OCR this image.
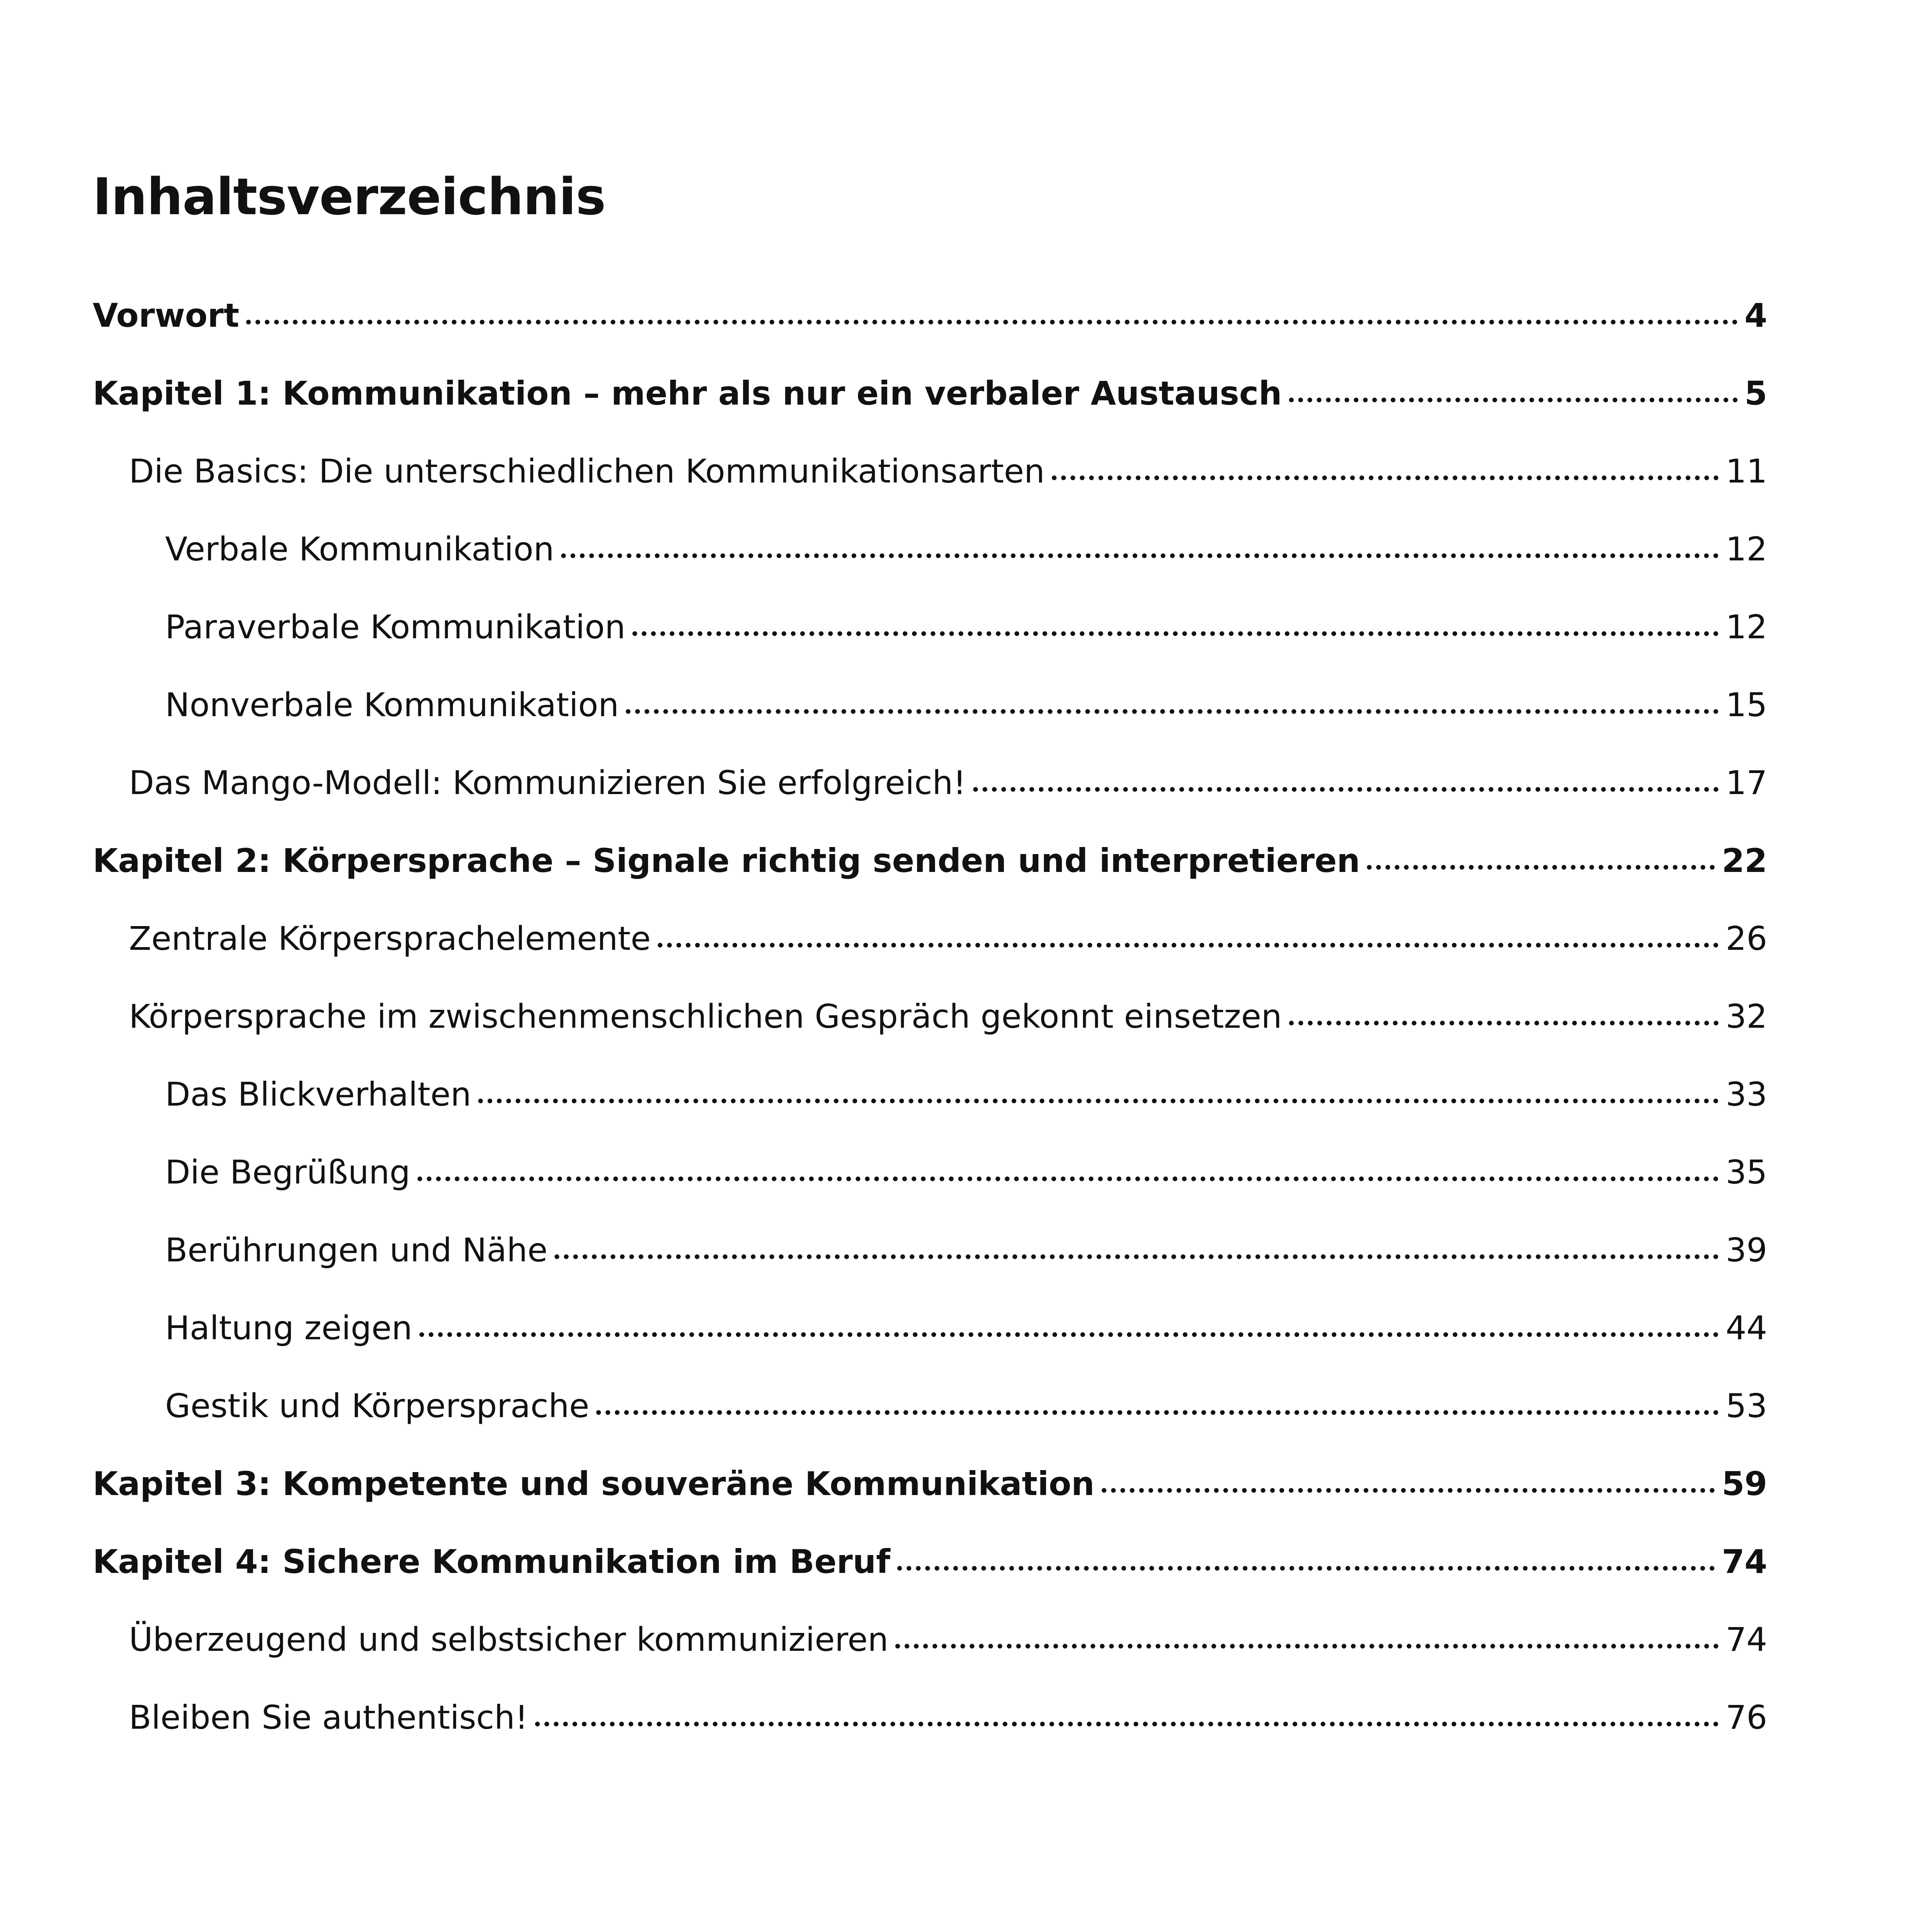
Inhaltsverzeichnis
Vorwort	4
Kapitel 1: Kommunikation – mehr als nur ein verbaler Austausch	5
Die Basics: Die unterschiedlichen Kommunikationsarten	11
Verbale Kommunikation	12
Paraverbale Kommunikation	12
Nonverbale Kommunikation	15
Das Mango-Modell: Kommunizieren Sie erfolgreich!	17
Kapitel 2: Körpersprache – Signale richtig senden und interpretieren	22
Zentrale Körpersprachelemente	26
Körpersprache im zwischenmenschlichen Gespräch gekonnt einsetzen	32
Das Blickverhalten	33
Die Begrüßung	35
Berührungen und Nähe	39
Haltung zeigen	44
Gestik und Körpersprache	53
Kapitel 3: Kompetente und souveräne Kommunikation	59
Kapitel 4: Sichere Kommunikation im Beruf	74
Überzeugend und selbstsicher kommunizieren	74
Bleiben Sie authentisch!	76
